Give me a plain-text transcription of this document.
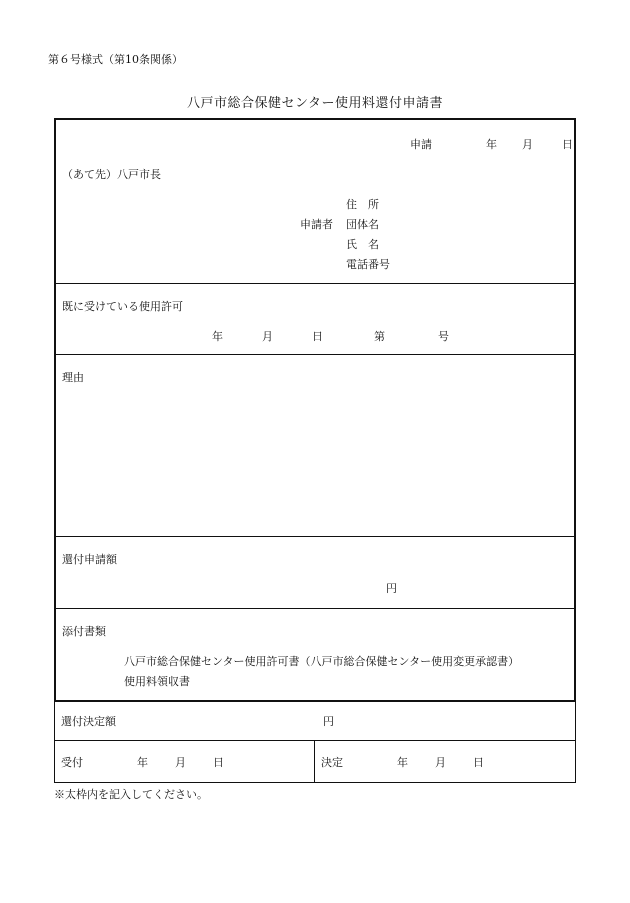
第６号様式（第10条関係）
八戸市総合保健センター使用料還付申請書
申請	年 月	日
（あて先）八戸市長
住　所
申請者 団体名
氏　名
電話番号
既に受けている使用許可
年	月	日	第	号
理由
還付申請額
円
添付書類
八戸市総合保健センター使用許可書（八戸市総合保健センター使用変更承認書）
使用料領収書
還付決定額	円
受付	年 月 日	決定	年 月 日
※太枠内を記入してください。
